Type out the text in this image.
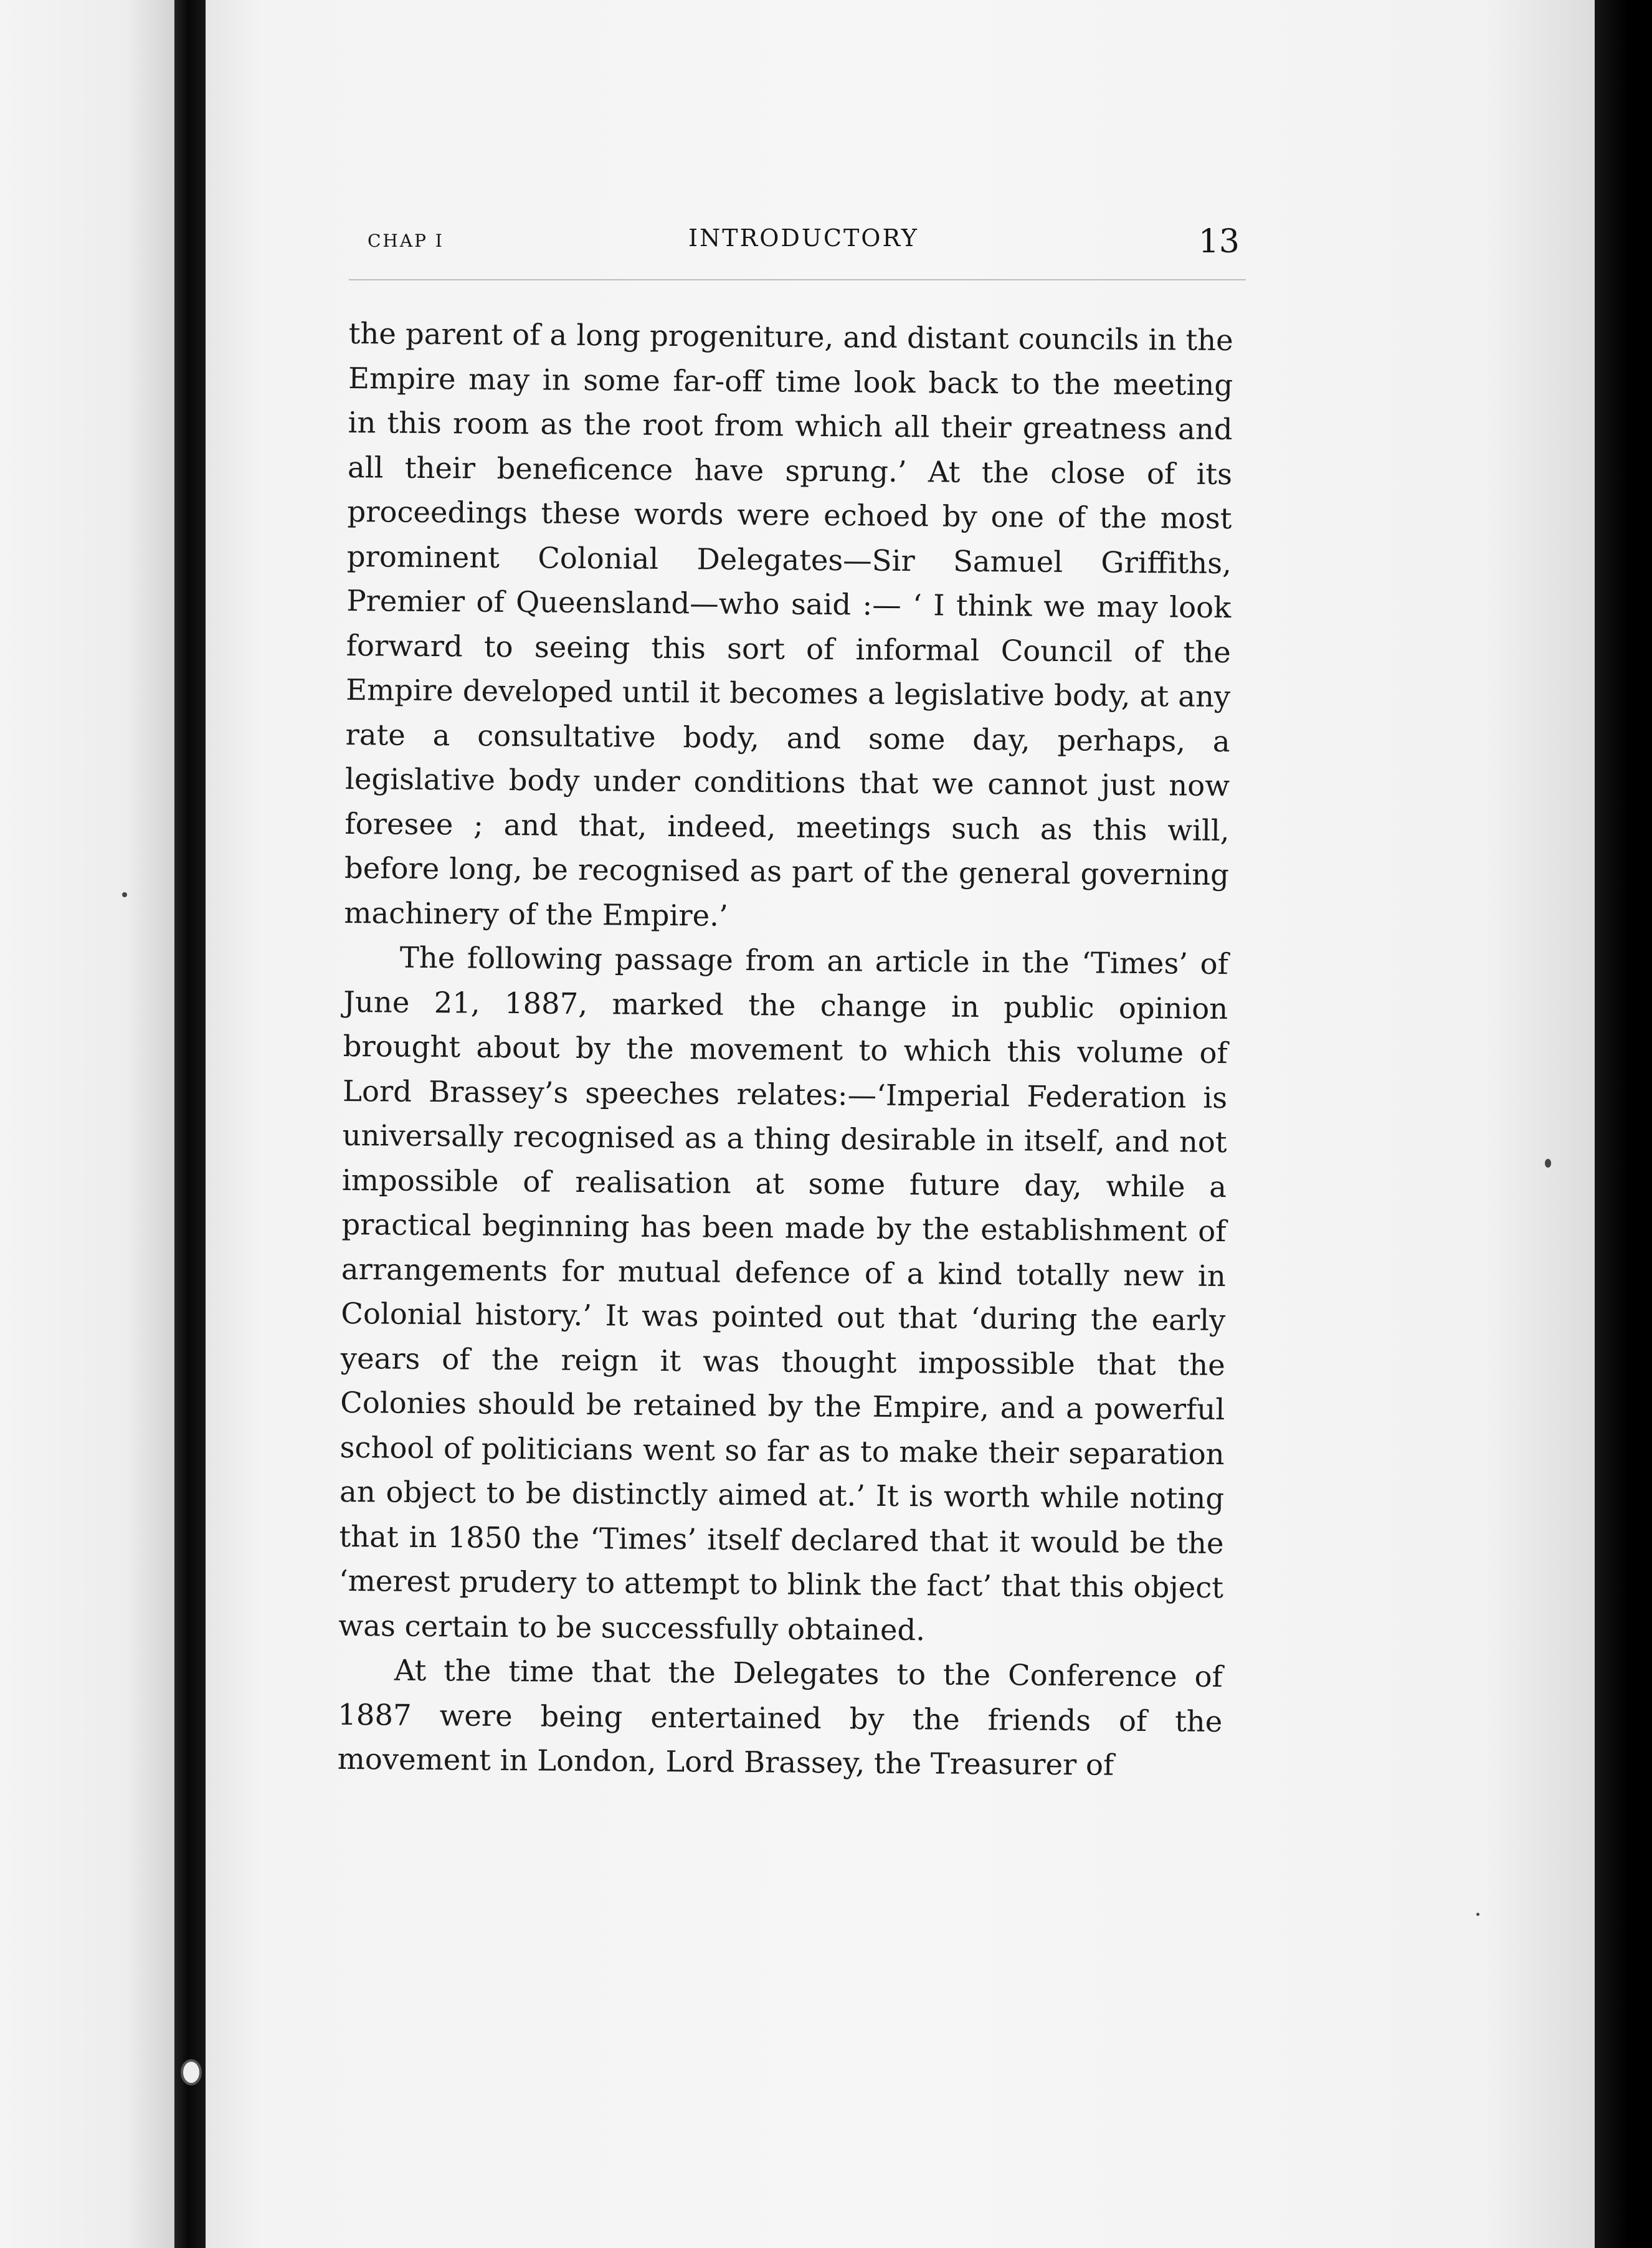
CHAP I	INTRODUCTORY	13

the parent of a long progeniture, and distant councils in the Empire may in some far-off time look back to the meeting in this room as the root from which all their greatness and all their beneficence have sprung.’ At the close of its proceedings these words were echoed by one of the most prominent Colonial Delegates—Sir Samuel Griffiths, Premier of Queensland—who said :— ‘ I think we may look forward to seeing this sort of informal Council of the Empire developed until it becomes a legislative body, at any rate a consultative body, and some day, perhaps, a legislative body under conditions that we cannot just now foresee ; and that, indeed, meetings such as this will, before long, be recognised as part of the general governing machinery of the Empire.’

The following passage from an article in the ‘Times’ of June 21, 1887, marked the change in public opinion brought about by the movement to which this volume of Lord Brassey’s speeches relates:—‘Imperial Federation is universally recognised as a thing desirable in itself, and not impossible of realisation at some future day, while a practical beginning has been made by the establishment of arrangements for mutual defence of a kind totally new in Colonial history.’ It was pointed out that ‘during the early years of the reign it was thought impossible that the Colonies should be retained by the Empire, and a powerful school of politicians went so far as to make their separation an object to be distinctly aimed at.’ It is worth while noting that in 1850 the ‘Times’ itself declared that it would be the ‘merest prudery to attempt to blink the fact’ that this object was certain to be successfully obtained.

At the time that the Delegates to the Conference of 1887 were being entertained by the friends of the movement in London, Lord Brassey, the Treasurer of
